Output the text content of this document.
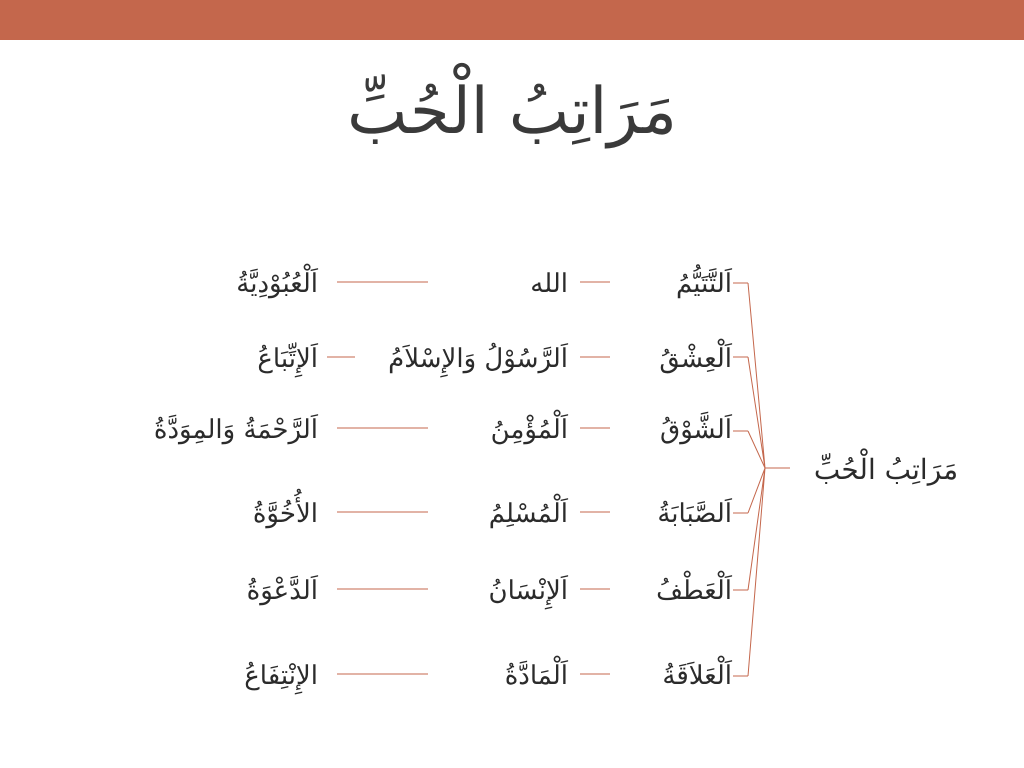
مَرَاتِبُ الْحُبِّ
اَلتَّتَيُّمُ
اَلْعِشْقُ
اَلشَّوْقُ
اَلصَّبَابَةُ
اَلْعَطْفُ
اَلْعَلاَقَةُ
الله
اَلرَّسُوْلُ وَالإِسْلاَمُ
اَلْمُؤْمِنُ
اَلْمُسْلِمُ
اَلإِنْسَانُ
اَلْمَادَّةُ
اَلْعُبُوْدِيَّةُ
اَلإِتِّبَاعُ
اَلرَّحْمَةُ وَالمِوَدَّةُ
الأُخُوَّةُ
اَلدَّعْوَةُ
الإِنْتِفَاعُ
مَرَاتِبُ الْحُبِّ
